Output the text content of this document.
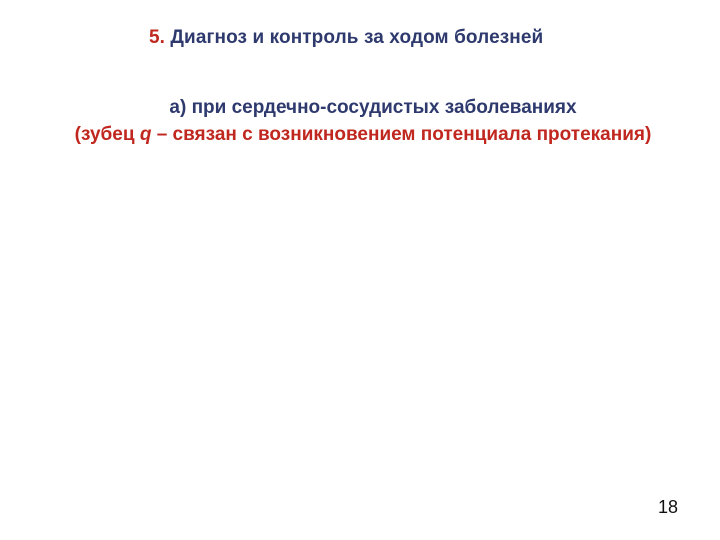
5. Диагноз и контроль за ходом болезней
а) при сердечно-сосудистых заболеваниях
(зубец q – связан с возникновением потенциала протекания)
18
